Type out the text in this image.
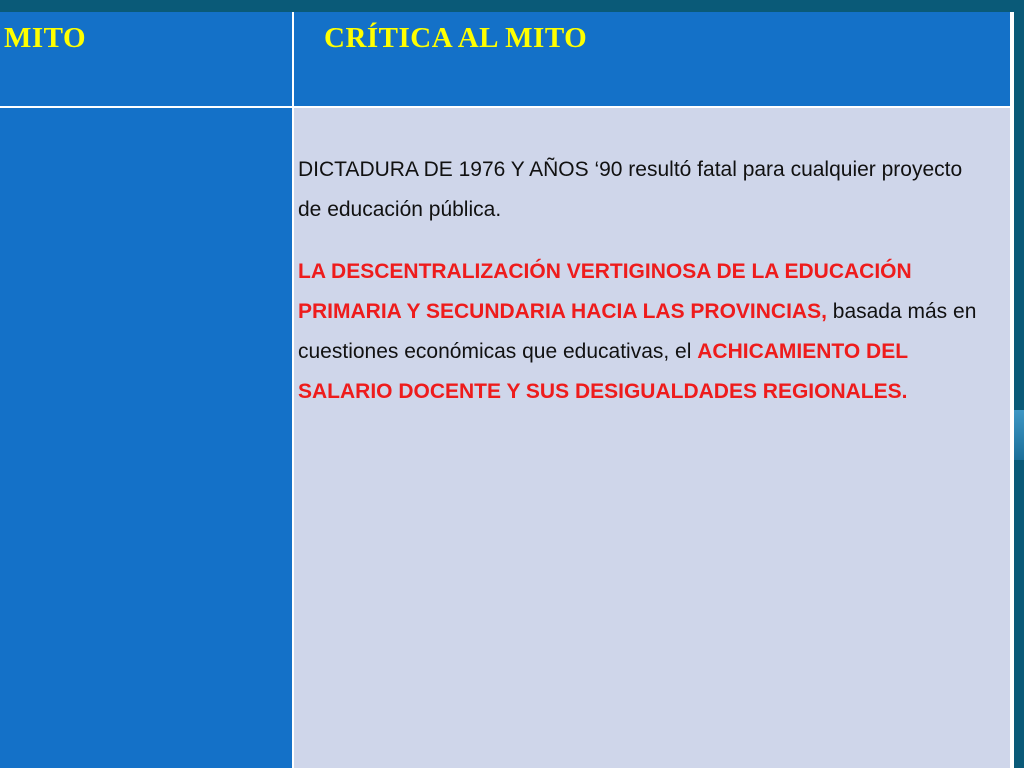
MITO	CRÍTICA AL MITO

DICTADURA DE 1976 Y AÑOS ‘90 resultó fatal para cualquier proyecto de educación pública.

LA DESCENTRALIZACIÓN VERTIGINOSA DE LA EDUCACIÓN PRIMARIA Y SECUNDARIA HACIA LAS PROVINCIAS, basada más en cuestiones económicas que educativas, el ACHICAMIENTO DEL SALARIO DOCENTE Y SUS DESIGUALDADES REGIONALES.
